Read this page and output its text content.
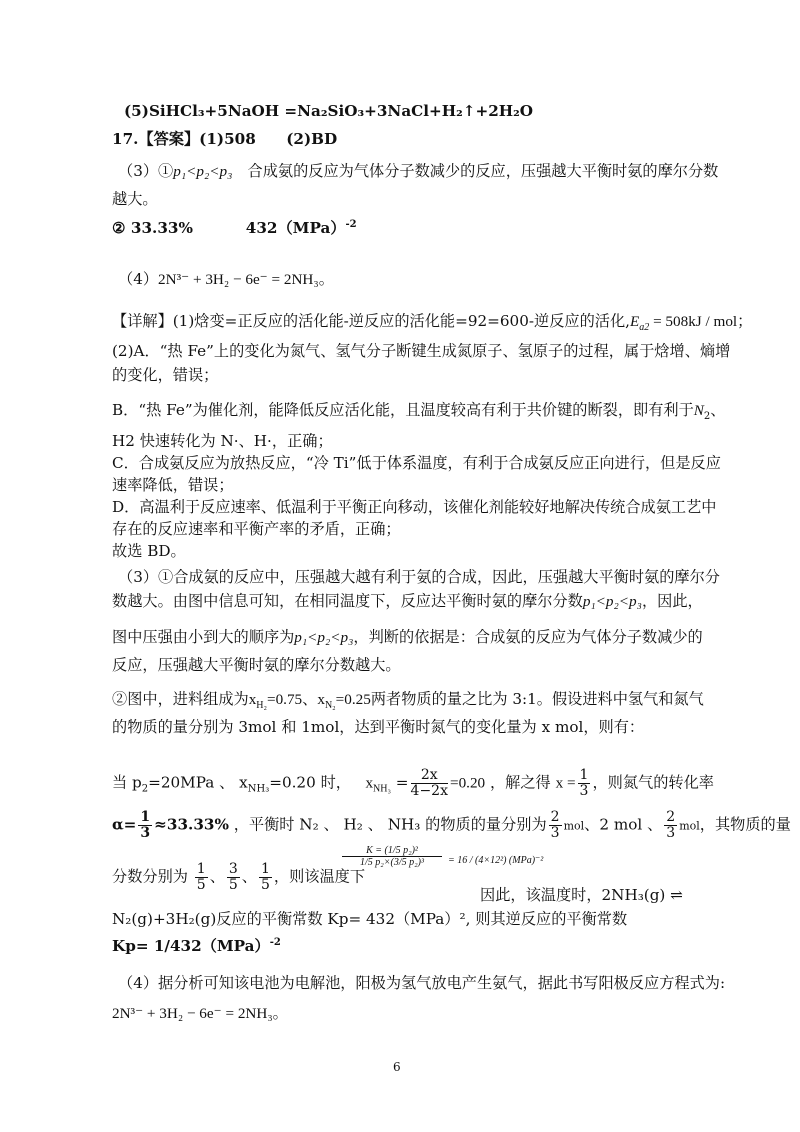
(5)SiHCl₃+5NaOH =Na₂SiO₃+3NaCl+H₂↑+2H₂O
17.【答案】(1)508　　(2)BD
（3）①p₁<p₂<p₃　合成氨的反应为气体分子数减少的反应，压强越大平衡时氨的摩尔分数
越大。
② 33.33%	432（MPa）$^{-2}$
（4）2N³⁻ + 3H₂ − 6e⁻ = 2NH₃。
【详解】(1)焓变=正反应的活化能-逆反应的活化能=92=600-逆反应的活化$,E_{a2} = 508kJ$ / mol；
(2)A．“热 Fe”上的变化为氮气、氢气分子断键生成氮原子、氢原子的过程，属于焓增、熵增
的变化，错误；
B．“热 Fe”为催化剂，能降低反应活化能，且温度较高有利于共价键的断裂，即有利于$N_2$、
H2 快速转化为 N·、H·，正确；
C．合成氨反应为放热反应，“冷 Ti”低于体系温度，有利于合成氨反应正向进行，但是反应
速率降低，错误；
D．高温利于反应速率、低温利于平衡正向移动，该催化剂能较好地解决传统合成氨工艺中
存在的反应速率和平衡产率的矛盾，正确；
故选 BD。
（3）①合成氨的反应中，压强越大越有利于氨的合成，因此，压强越大平衡时氨的摩尔分
数越大。由图中信息可知，在相同温度下，反应达平衡时氨的摩尔分数p₁<p₂<p₃，因此，
图中压强由小到大的顺序为p₁<p₂<p₃，判断的依据是：合成氨的反应为气体分子数减少的
反应，压强越大平衡时氨的摩尔分数越大。
②图中，进料组成为$x_{H_2}=0.75$、$x_{N_2}=0.25$两者物质的量之比为 3:1。假设进料中氢气和氮气
的物质的量分别为 3mol 和 1mol，达到平衡时氮气的变化量为 x mol，则有：
当 $p_2=20MPa$ 、 $x_{NH_3}=0.20$ 时， $x_{NH_3} = \frac{2x}{4-2x} =0.20$ ，解之得 $x = \frac{1}{3}$ ，则氮气的转化率
$\alpha= \frac{1}{3} \approx 33.33\%$ ，平衡时 N₂ 、 H₂ 、 NH₃ 的物质的量分别为 $\frac{2}{3}$ mol、2 mol 、 $\frac{2}{3}$ mol，其物质的量
分数分别为 $\frac{1}{5}$ 、 $\frac{3}{5}$ 、 $\frac{1}{5}$ ，则该温度下
K = (1/5 p₂)²
1/5 p₂×(3/5 p₂)³	= 16 / (4×12²) (MPa)⁻²
因此，该温度时，2NH₃(g) ⇌
N₂(g)+3H₂(g)反应的平衡常数 Kp= 432（MPa）², 则其逆反应的平衡常数
Kp= 1/432（MPa）$^{-2}$
（4）据分析可知该电池为电解池，阳极为氢气放电产生氨气，据此书写阳极反应方程式为:
2N³⁻ + 3H₂ − 6e⁻ = 2NH₃。
6
